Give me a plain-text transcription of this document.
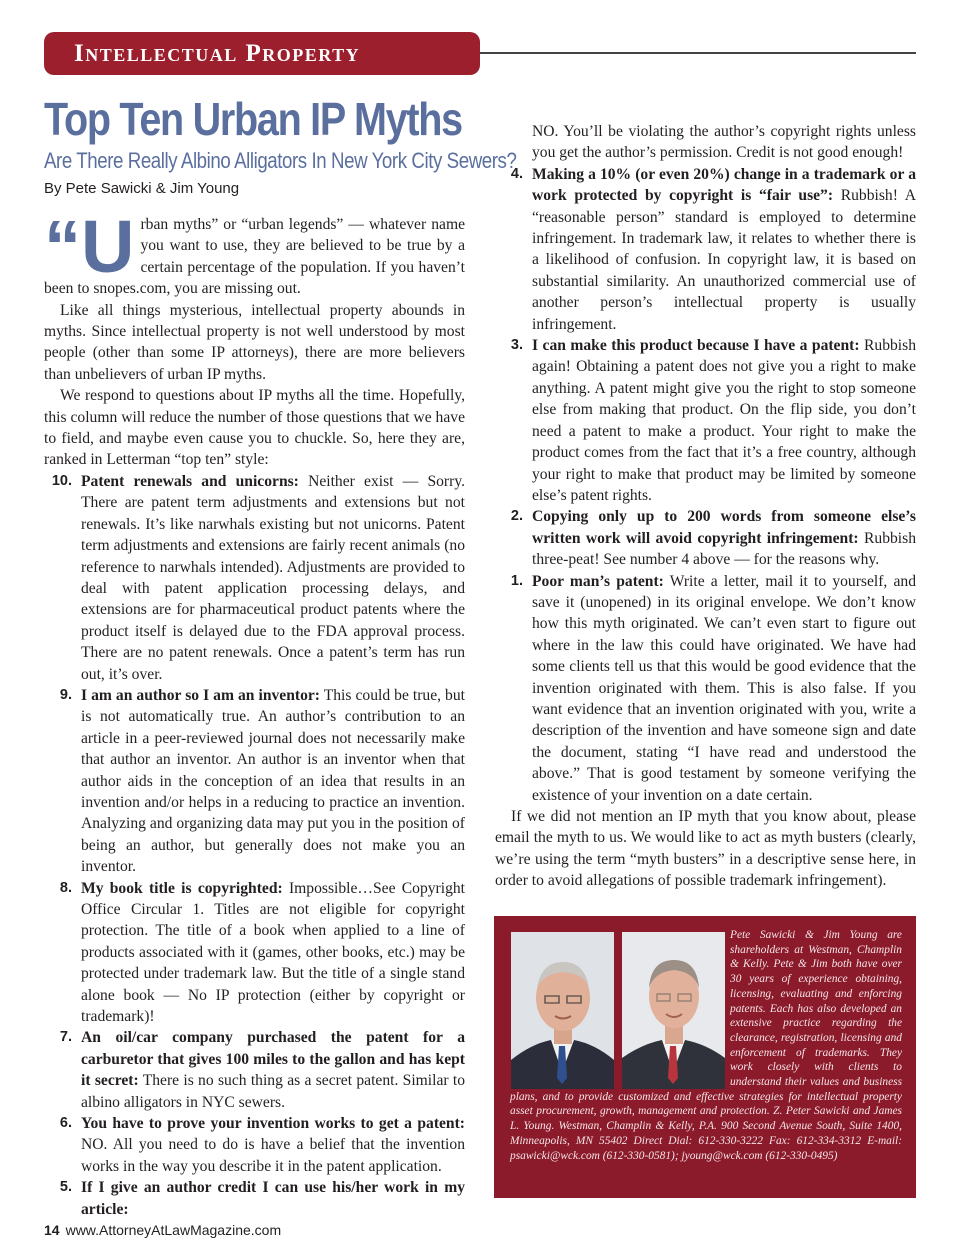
Intellectual Property
Top Ten Urban IP Myths
Are There Really Albino Alligators In New York City Sewers?
By Pete Sawicki & Jim Young

“Urban myths” or “urban legends” — whatever name you want to use, they are believed to be true by a certain percentage of the population. If you haven’t been to snopes.com, you are missing out.

Like all things mysterious, intellectual property abounds in myths. Since intellectual property is not well understood by most people (other than some IP attorneys), there are more believers than unbelievers of urban IP myths.

We respond to questions about IP myths all the time. Hopefully, this column will reduce the number of those questions that we have to field, and maybe even cause you to chuckle. So, here they are, ranked in Letterman “top ten” style:

10. Patent renewals and unicorns: Neither exist — Sorry. There are patent term adjustments and extensions but not renewals. It’s like narwhals existing but not unicorns. Patent term adjustments and extensions are fairly recent animals (no reference to narwhals intended). Adjustments are provided to deal with patent application processing delays, and extensions are for pharmaceutical product patents where the product itself is delayed due to the FDA approval process. There are no patent renewals. Once a patent’s term has run out, it’s over.
9. I am an author so I am an inventor: This could be true, but is not automatically true. An author’s contribution to an article in a peer-reviewed journal does not necessarily make that author an inventor. An author is an inventor when that author aids in the conception of an idea that results in an invention and/or helps in a reducing to practice an invention. Analyzing and organizing data may put you in the position of being an author, but generally does not make you an inventor.
8. My book title is copyrighted: Impossible…See Copyright Office Circular 1. Titles are not eligible for copyright protection. The title of a book when applied to a line of products associated with it (games, other books, etc.) may be protected under trademark law. But the title of a single stand alone book — No IP protection (either by copyright or trademark)!
7. An oil/car company purchased the patent for a carburetor that gives 100 miles to the gallon and has kept it secret: There is no such thing as a secret patent. Similar to albino alligators in NYC sewers.
6. You have to prove your invention works to get a patent: NO. All you need to do is have a belief that the invention works in the way you describe it in the patent application.
5. If I give an author credit I can use his/her work in my article:
NO. You’ll be violating the author’s copyright rights unless you get the author’s permission. Credit is not good enough!
4. Making a 10% (or even 20%) change in a trademark or a work protected by copyright is “fair use”: Rubbish! A “reasonable person” standard is employed to determine infringement. In trademark law, it relates to whether there is a likelihood of confusion. In copyright law, it is based on substantial similarity. An unauthorized commercial use of another person’s intellectual property is usually infringement.
3. I can make this product because I have a patent: Rubbish again! Obtaining a patent does not give you a right to make anything. A patent might give you the right to stop someone else from making that product. On the flip side, you don’t need a patent to make a product. Your right to make the product comes from the fact that it’s a free country, although your right to make that product may be limited by someone else’s patent rights.
2. Copying only up to 200 words from someone else’s written work will avoid copyright infringement: Rubbish three-peat! See number 4 above — for the reasons why.
1. Poor man’s patent: Write a letter, mail it to yourself, and save it (unopened) in its original envelope. We don’t know how this myth originated. We can’t even start to figure out where in the law this could have originated. We have had some clients tell us that this would be good evidence that the invention originated with them. This is also false. If you want evidence that an invention originated with you, write a description of the invention and have someone sign and date the document, stating “I have read and understood the above.” That is good testament by someone verifying the existence of your invention on a date certain.

If we did not mention an IP myth that you know about, please email the myth to us. We would like to act as myth busters (clearly, we’re using the term “myth busters” in a descriptive sense here, in order to avoid allegations of possible trademark infringement).

Pete Sawicki & Jim Young are shareholders at Westman, Champlin & Kelly. Pete & Jim both have over 30 years of experience obtaining, licensing, evaluating and enforcing patents. Each has also developed an extensive practice regarding the clearance, registration, licensing and enforcement of trademarks. They work closely with clients to understand their values and business plans, and to provide customized and effective strategies for intellectual property asset procurement, growth, management and protection. Z. Peter Sawicki and James L. Young. Westman, Champlin & Kelly, P.A. 900 Second Avenue South, Suite 1400, Minneapolis, MN 55402 Direct Dial: 612-330-3222 Fax: 612-334-3312 E-mail: psawicki@wck.com (612-330-0581); jyoung@wck.com (612-330-0495)
14 www.AttorneyAtLawMagazine.com
